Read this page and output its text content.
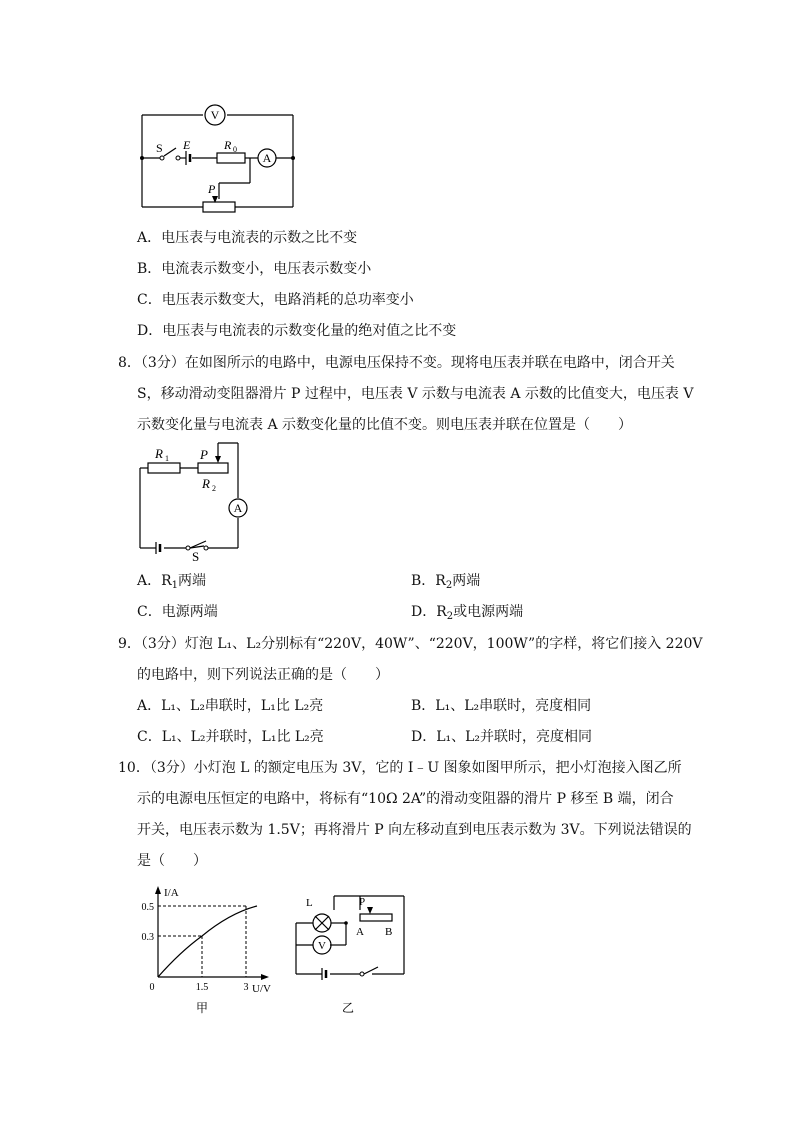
V
A
S E	R 0
P
A．电压表与电流表的示数之比不变
B．电流表示数变小，电压表示数变小
C．电压表示数变大，电路消耗的总功率变小
D．电压表与电流表的示数变化量的绝对值之比不变
8．（3分）在如图所示的电路中，电源电压保持不变。现将电压表并联在电路中，闭合开关
S，移动滑动变阻器滑片 P 过程中，电压表 V 示数与电流表 A 示数的比值变大，电压表 V
示数变化量与电流表 A 示数变化量的比值不变。则电压表并联在位置是（　　）
A
R 1 P
R 2
S
A．$R_1$两端	B．$R_2$两端
C．电源两端	D．$R_2$或电源两端
9．（3分）灯泡 L₁、L₂分别标有“220V，40W”、“220V，100W”的字样，将它们接入 220V
的电路中，则下列说法正确的是（　　）
A．L₁、L₂串联时，L₁比 L₂亮	B．L₁、L₂串联时，亮度相同
C．L₁、L₂并联时，L₁比 L₂亮	D．L₁、L₂并联时，亮度相同
10．（3分）小灯泡 L 的额定电压为 3V，它的 I﹣U 图象如图甲所示，把小灯泡接入图乙所
示的电源电压恒定的电路中，将标有“10Ω 2A”的滑动变阻器的滑片 P 移至 B 端，闭合
开关，电压表示数为 1.5V；再将滑片 P 向左移动直到电压表示数为 3V。下列说法错误的
是（　　）
I/A
U/V
0.5
0.3
0	1.5	3
甲
V
L	P
A B
乙
